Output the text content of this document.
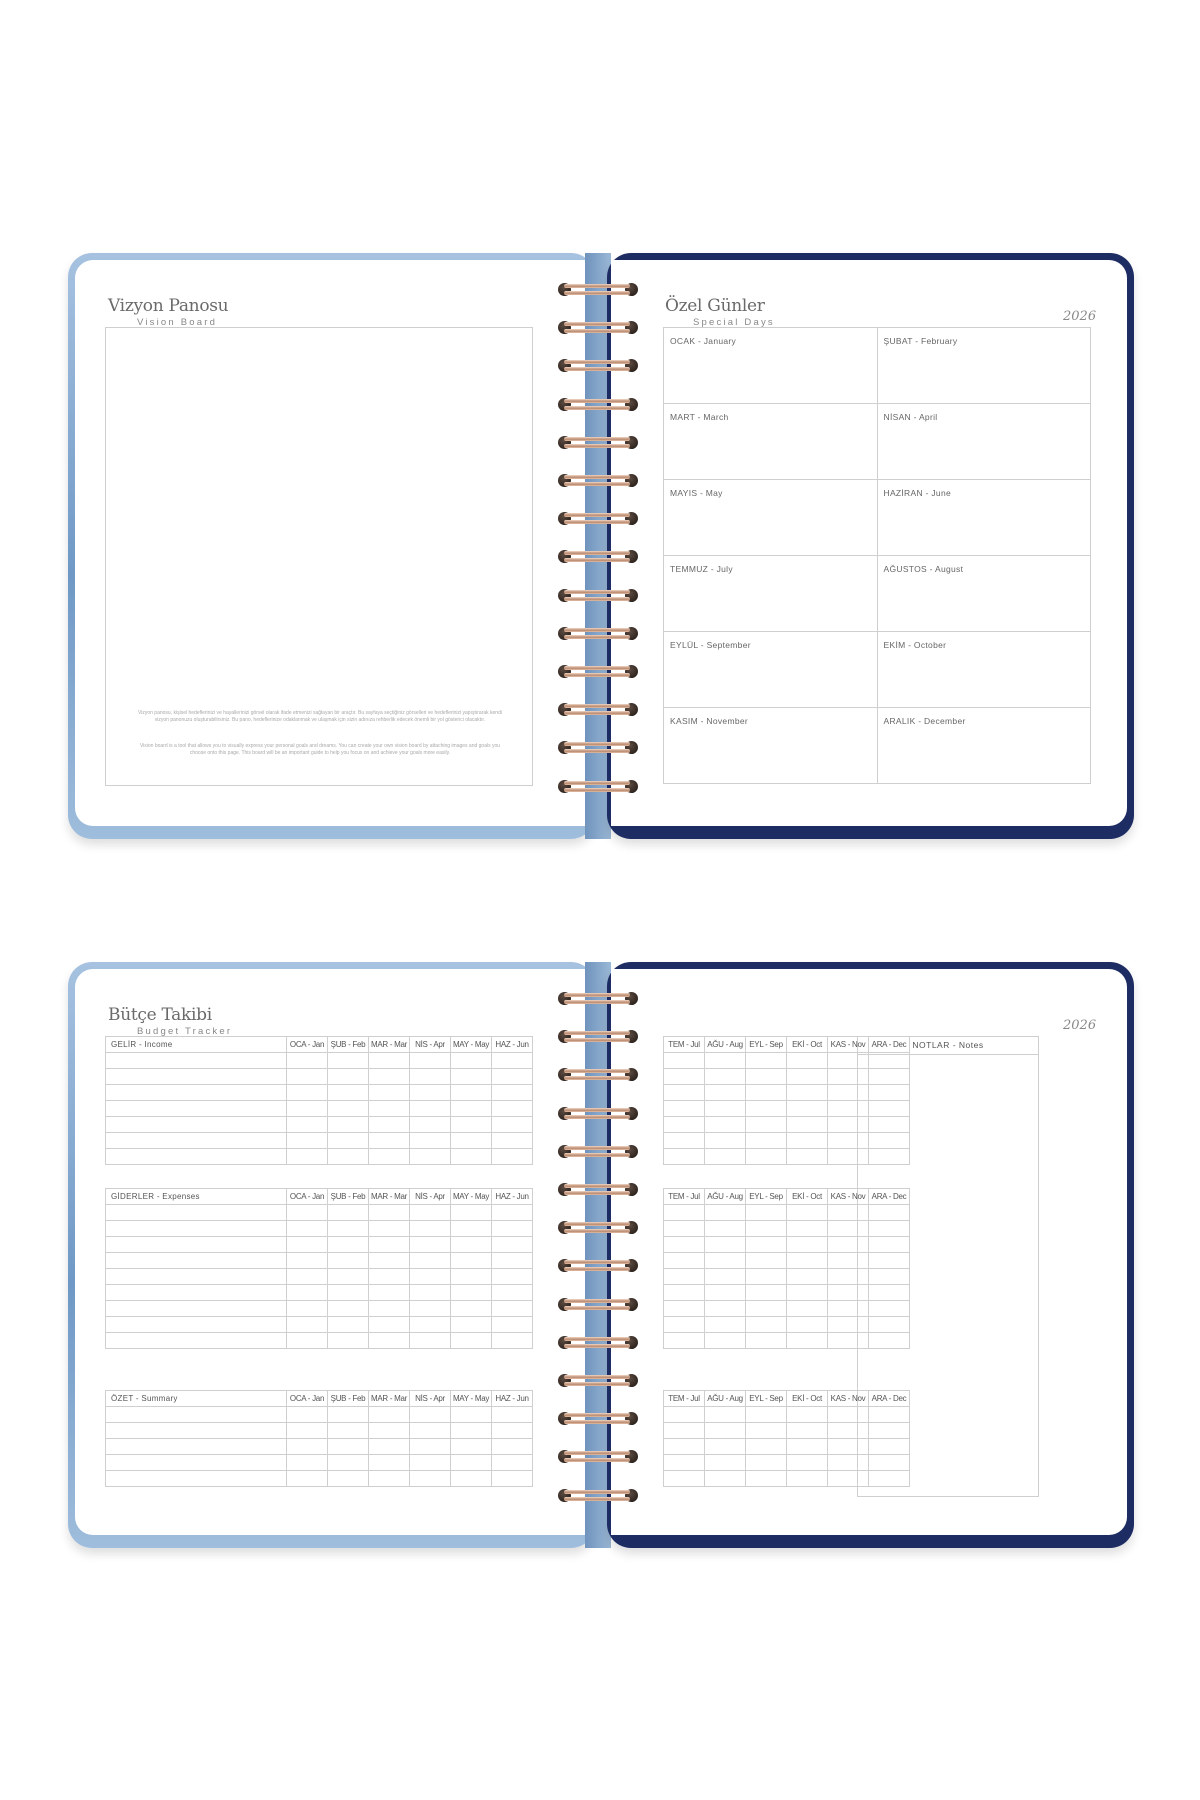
Vizyon Panosu
Vision Board
Vizyon panosu, kişisel hedeflerinizi ve hayallerinizi görsel olarak ifade etmenizi sağlayan bir araçtır. Bu sayfaya seçtiğiniz görselleri ve hedeflerinizi yapıştırarak kendi vizyon panonuzu oluşturabilirsiniz. Bu pano, hedeflerinize odaklanmak ve ulaşmak için sizin adınıza rehberlik edecek önemli bir yol gösterici olacaktır.
Vision board is a tool that allows you to visually express your personal goals and dreams. You can create your own vision board by attaching images and goals you choose onto this page. This board will be an important guide to help you focus on and achieve your goals more easily.
Özel Günler
Special Days	2026
OCAK - January	ŞUBAT - February
MART - March	NİSAN - April
MAYIS - May	HAZİRAN - June
TEMMUZ - July	AĞUSTOS - August
EYLÜL - September	EKİM - October
KASIM - November	ARALIK - December
Bütçe Takibi
Budget Tracker
GELİR - Income	OCA - Jan	ŞUB - Feb	MAR - Mar	NİS - Apr	MAY - May	HAZ - Jun

GİDERLER - Expenses	OCA - Jan	ŞUB - Feb	MAR - Mar	NİS - Apr	MAY - May	HAZ - Jun

ÖZET - Summary	OCA - Jan	ŞUB - Feb	MAR - Mar	NİS - Apr	MAY - May	HAZ - Jun

2026
NOTLAR - Notes
TEM - Jul	AĞU - Aug	EYL - Sep	EKİ - Oct	KAS - Nov	ARA - Dec

TEM - Jul	AĞU - Aug	EYL - Sep	EKİ - Oct	KAS - Nov	ARA - Dec

TEM - Jul	AĞU - Aug	EYL - Sep	EKİ - Oct	KAS - Nov	ARA - Dec
